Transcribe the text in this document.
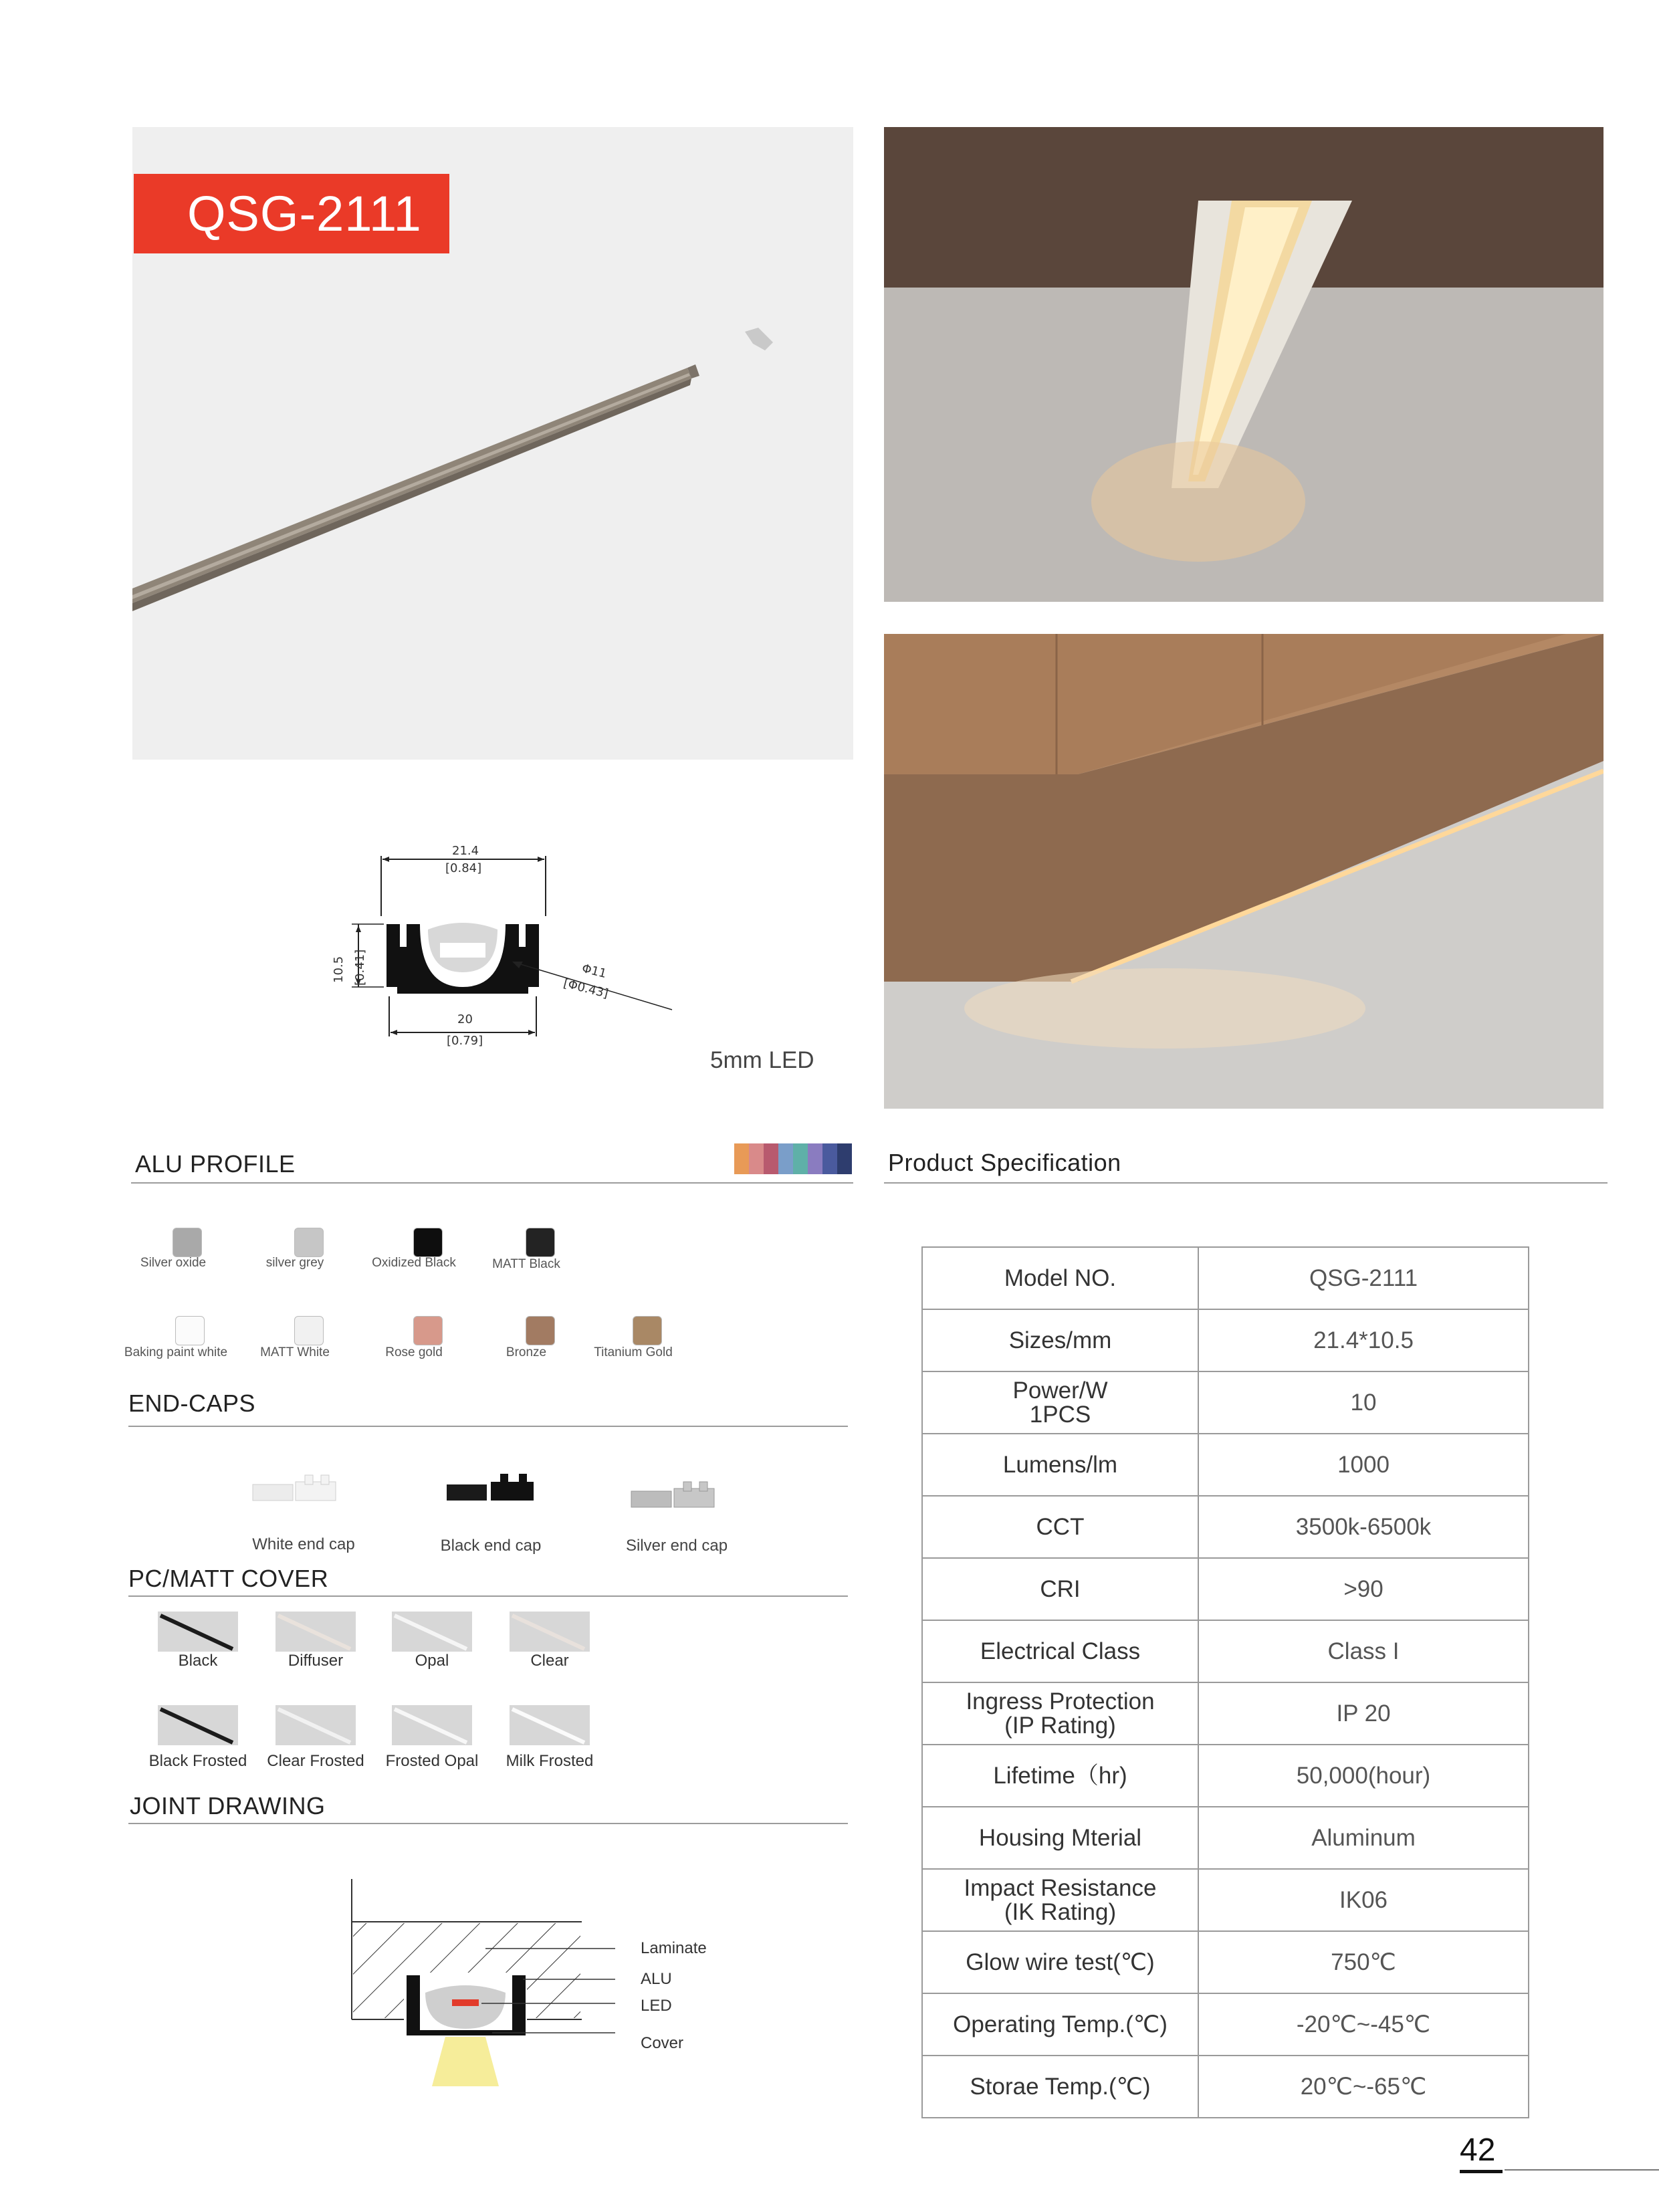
QSG-2111
21.4
[0.84]
10.5 [0.41]
20
[0.79]
Φ11
[Φ0.43]
5mm LED
ALU PROFILE
Silver oxide	silver grey	Oxidized Black	MATT Black
Baking paint white	MATT White	Rose gold	Bronze	Titanium Gold
END-CAPS
White end cap	Black end cap	Silver end cap
PC/MATT COVER
Black	Diffuser	Opal	Clear
Black Frosted	Clear Frosted	Frosted Opal	Milk Frosted
JOINT DRAWING
Laminate
ALU
LED
Cover
Product Specification
Model NO.	QSG-2111

Sizes/mm	21.4*10.5

Power/W
1PCS	10

Lumens/lm	1000

CCT	3500k-6500k

CRI	>90

Electrical Class	Class I

Ingress Protection
(IP Rating)	IP 20

Lifetime（hr)	50,000(hour)

Housing Mterial	Aluminum

Impact Resistance
(IK Rating)	IK06

Glow wire test(℃)	750℃

Operating Temp.(℃)	-20℃~-45℃

Storae Temp.(℃)	20℃~-65℃
42
